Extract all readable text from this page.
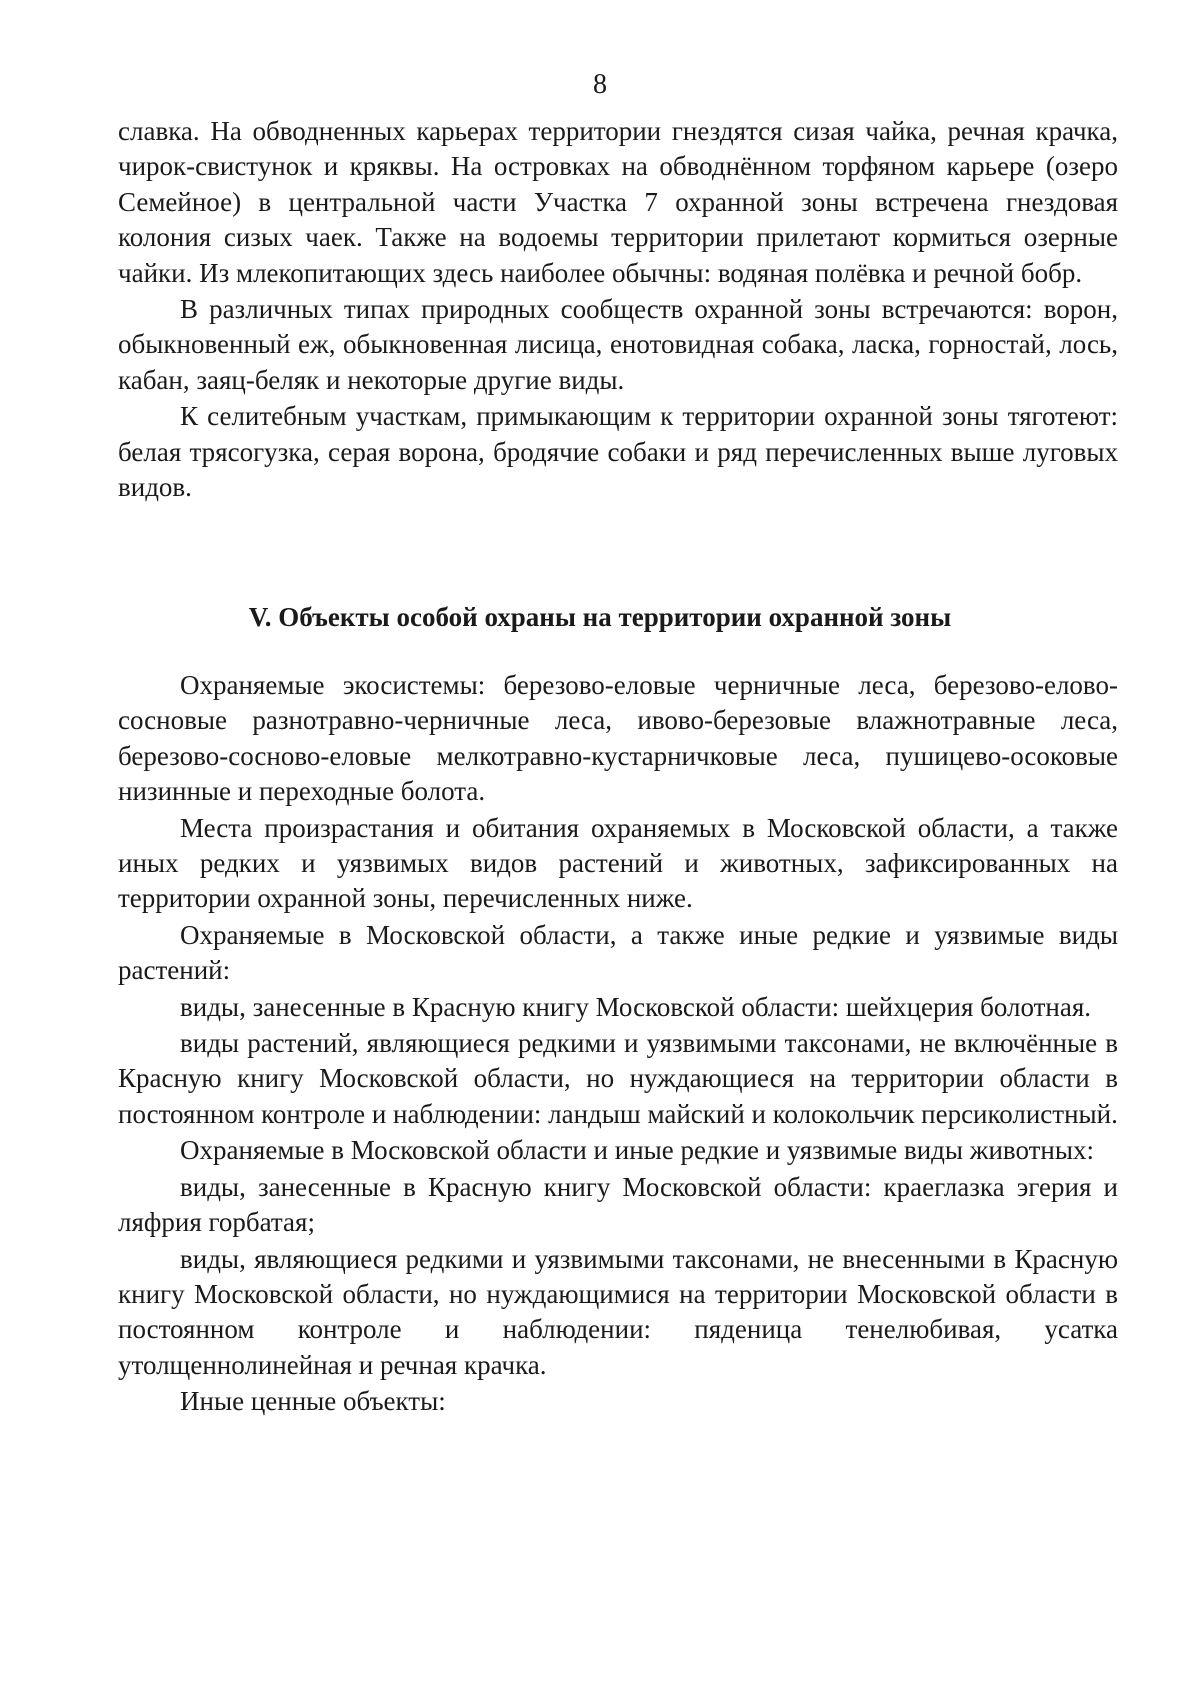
8

славка. На обводненных карьерах территории гнездятся сизая чайка, речная крачка, чирок-свистунок и кряквы. На островках на обводнённом торфяном карьере (озеро Семейное) в центральной части Участка 7 охранной зоны встречена гнездовая колония сизых чаек. Также на водоемы территории прилетают кормиться озерные чайки. Из млекопитающих здесь наиболее обычны: водяная полёвка и речной бобр.

В различных типах природных сообществ охранной зоны встречаются: ворон, обыкновенный еж, обыкновенная лисица, енотовидная собака, ласка, горностай, лось, кабан, заяц-беляк и некоторые другие виды.

К селитебным участкам, примыкающим к территории охранной зоны тяготеют: белая трясогузка, серая ворона, бродячие собаки и ряд перечисленных выше луговых видов.

V. Объекты особой охраны на территории охранной зоны

Охраняемые экосистемы: березово-еловые черничные леса, березово-елово-сосновые разнотравно-черничные леса, ивово-березовые влажнотравные леса, березово-сосново-еловые мелкотравно-кустарничковые леса, пушицево-осоковые низинные и переходные болота.

Места произрастания и обитания охраняемых в Московской области, а также иных редких и уязвимых видов растений и животных, зафиксированных на территории охранной зоны, перечисленных ниже.

Охраняемые в Московской области, а также иные редкие и уязвимые виды растений:

виды, занесенные в Красную книгу Московской области: шейхцерия болотная.

виды растений, являющиеся редкими и уязвимыми таксонами, не включённые в Красную книгу Московской области, но нуждающиеся на территории области в постоянном контроле и наблюдении: ландыш майский и колокольчик персиколистный.

Охраняемые в Московской области и иные редкие и уязвимые виды животных:

виды, занесенные в Красную книгу Московской области: краеглазка эгерия и ляфрия горбатая;

виды, являющиеся редкими и уязвимыми таксонами, не внесенными в Красную книгу Московской области, но нуждающимися на территории Московской области в постоянном контроле и наблюдении: пяденица тенелюбивая, усатка утолщеннолинейная и речная крачка.

Иные ценные объекты:
